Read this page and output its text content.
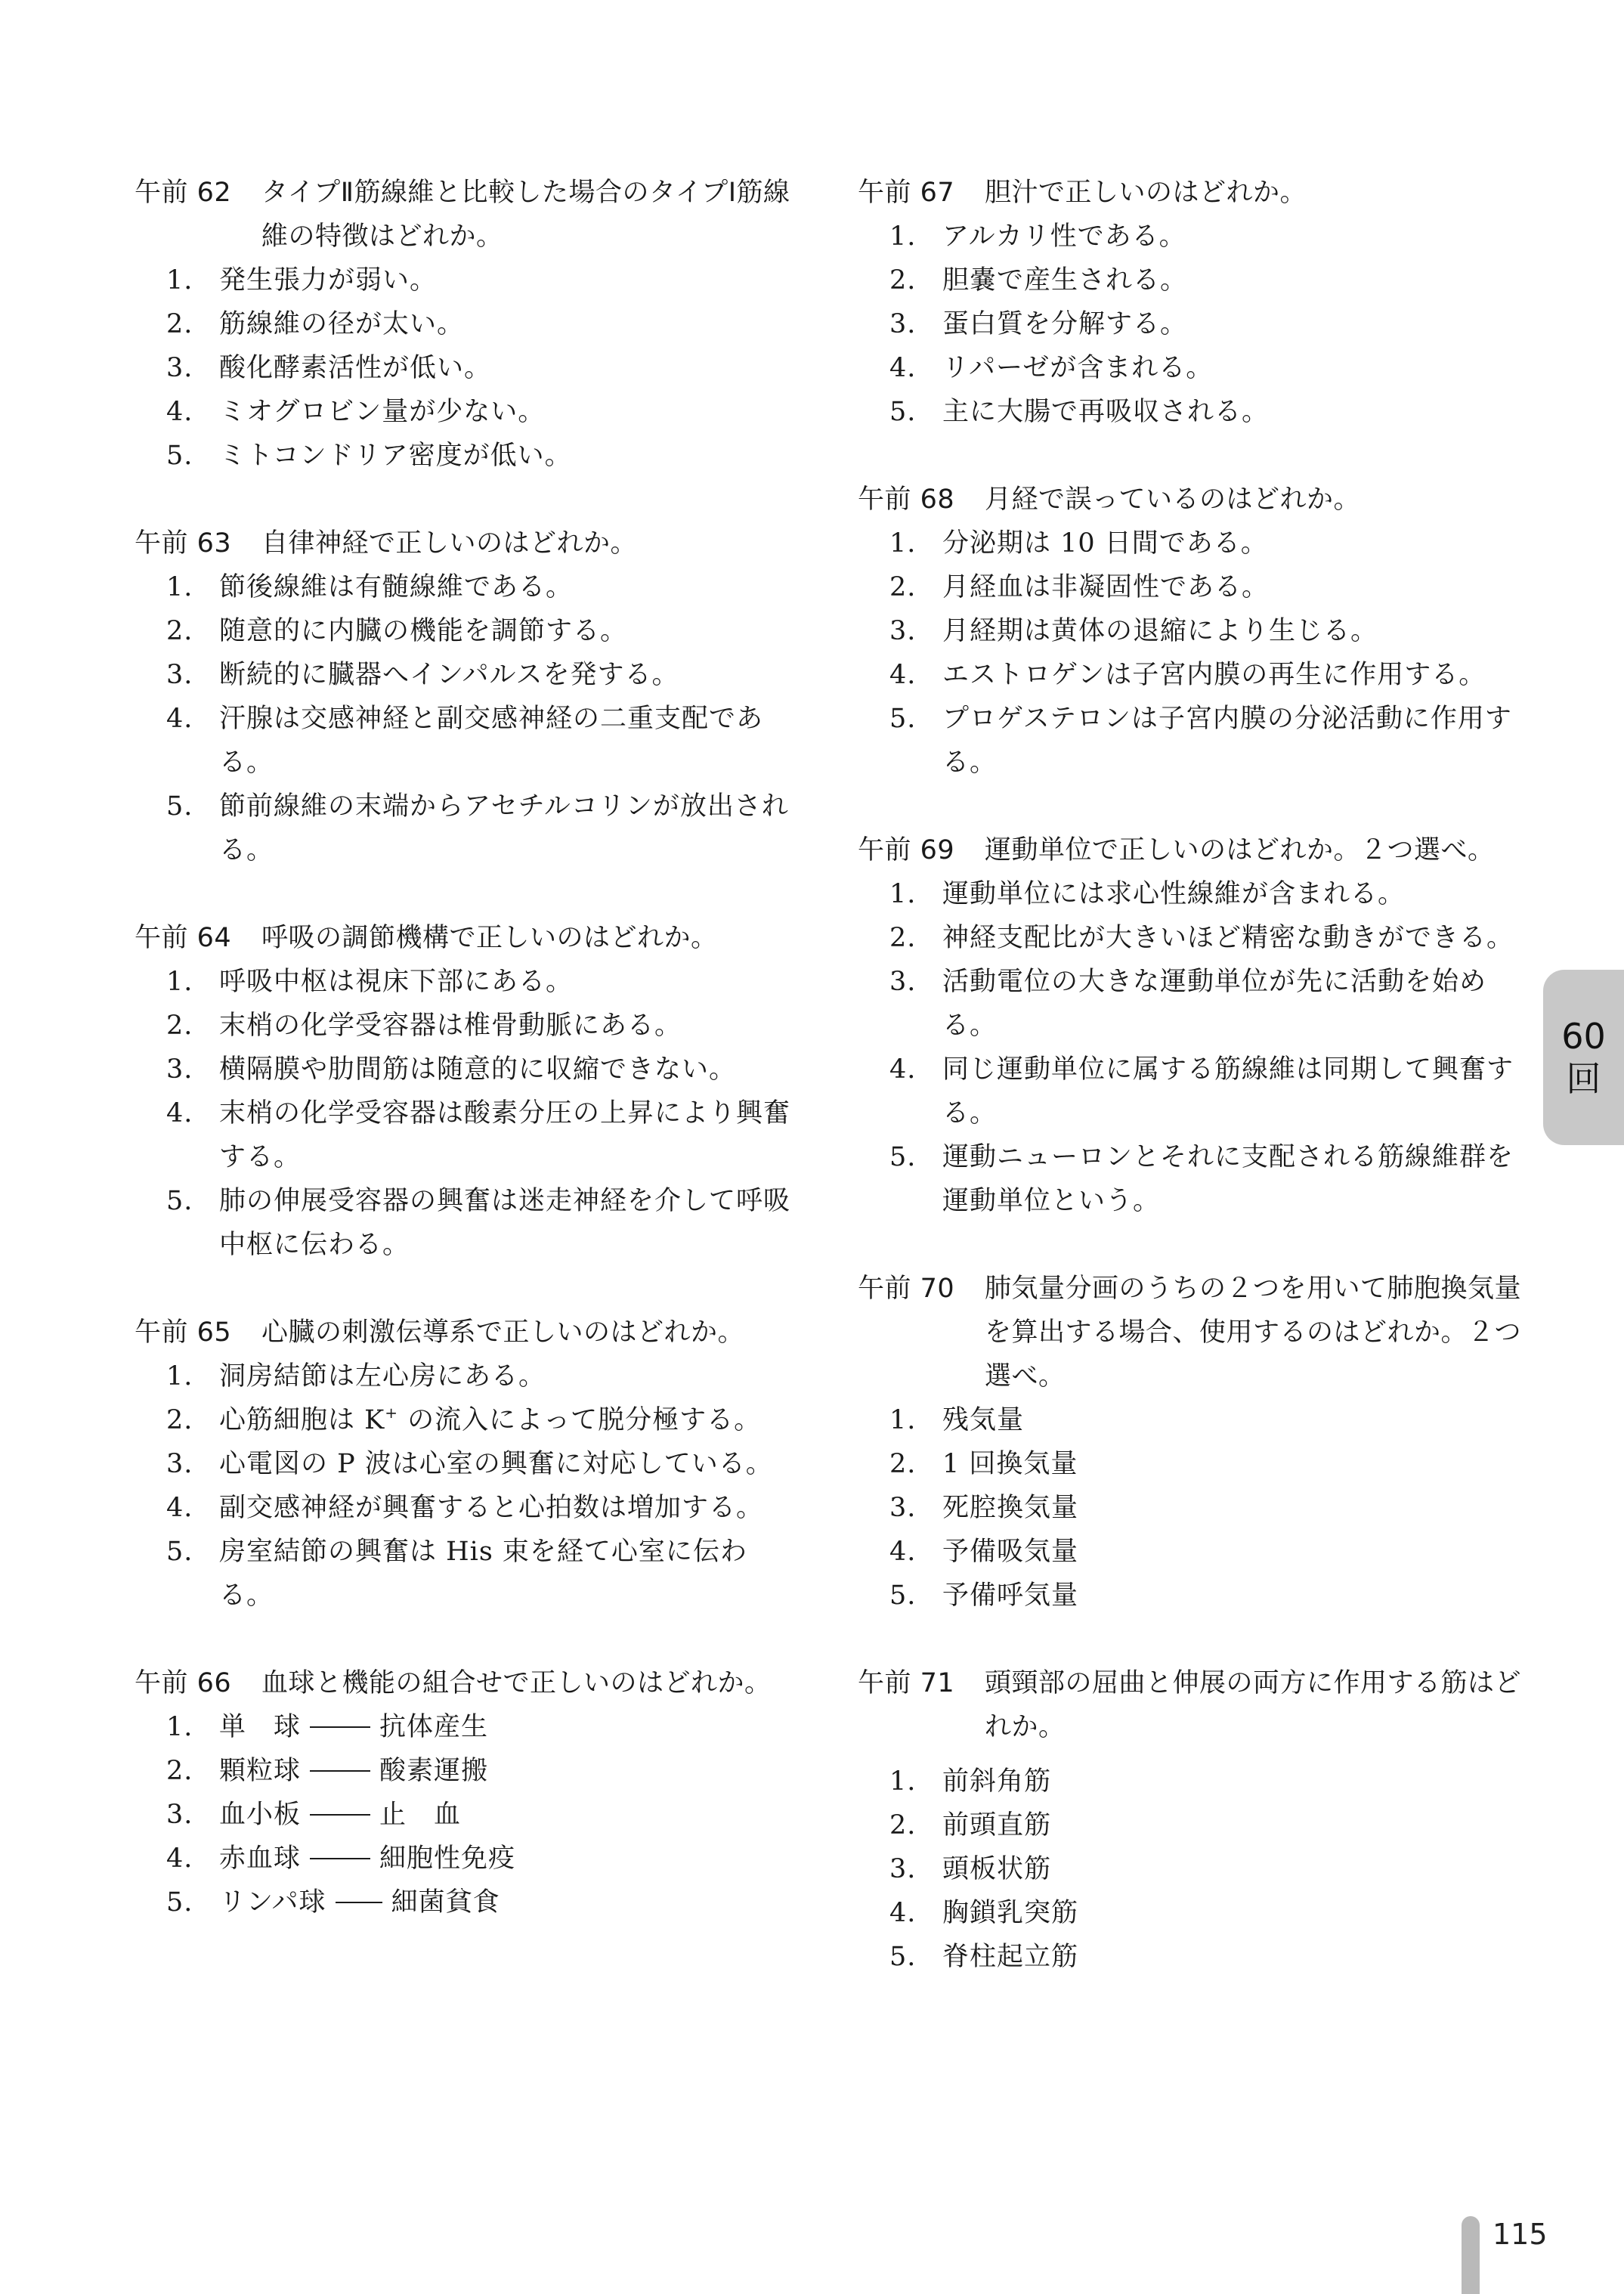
午前 62	タイプⅡ筋線維と比較した場合のタイプⅠ筋線維の特徴はどれか。
1. 発生張力が弱い。
2. 筋線維の径が太い。
3. 酸化酵素活性が低い。
4. ミオグロビン量が少ない。
5. ミトコンドリア密度が低い。
午前 63	自律神経で正しいのはどれか。
1. 節後線維は有髄線維である。
2. 随意的に内臓の機能を調節する。
3. 断続的に臓器へインパルスを発する。
4. 汗腺は交感神経と副交感神経の二重支配である。
5. 節前線維の末端からアセチルコリンが放出される。
午前 64	呼吸の調節機構で正しいのはどれか。
1. 呼吸中枢は視床下部にある。
2. 末梢の化学受容器は椎骨動脈にある。
3. 横隔膜や肋間筋は随意的に収縮できない。
4. 末梢の化学受容器は酸素分圧の上昇により興奮する。
5. 肺の伸展受容器の興奮は迷走神経を介して呼吸中枢に伝わる。
午前 65	心臓の刺激伝導系で正しいのはどれか。
1. 洞房結節は左心房にある。
2. 心筋細胞は K+ の流入によって脱分極する。
3. 心電図の P 波は心室の興奮に対応している。
4. 副交感神経が興奮すると心拍数は増加する。
5. 房室結節の興奮は His 束を経て心室に伝わる。
午前 66	血球と機能の組合せで正しいのはどれか。
1. 単　球	抗体産生
2. 顆粒球	酸素運搬
3. 血小板	止　血
4. 赤血球	細胞性免疫
5. リンパ球 細菌貧食
午前 67	胆汁で正しいのはどれか。
1. アルカリ性である。
2. 胆嚢で産生される。
3. 蛋白質を分解する。
4. リパーゼが含まれる。
5. 主に大腸で再吸収される。
午前 68	月経で誤っているのはどれか。
1. 分泌期は 10 日間である。
2. 月経血は非凝固性である。
3. 月経期は黄体の退縮により生じる。
4. エストロゲンは子宮内膜の再生に作用する。
5. プロゲステロンは子宮内膜の分泌活動に作用する。
午前 69	運動単位で正しいのはどれか。２つ選べ。
1. 運動単位には求心性線維が含まれる。
2. 神経支配比が大きいほど精密な動きができる。
3. 活動電位の大きな運動単位が先に活動を始める。
4. 同じ運動単位に属する筋線維は同期して興奮する。
5. 運動ニューロンとそれに支配される筋線維群を運動単位という。
午前 70	肺気量分画のうちの２つを用いて肺胞換気量を算出する場合、使用するのはどれか。２つ選べ。
1. 残気量
2. 1 回換気量
3. 死腔換気量
4. 予備吸気量
5. 予備呼気量
午前 71	頭頸部の屈曲と伸展の両方に作用する筋はどれか。
1. 前斜角筋
2. 前頭直筋
3. 頭板状筋
4. 胸鎖乳突筋
5. 脊柱起立筋
60
回
115
